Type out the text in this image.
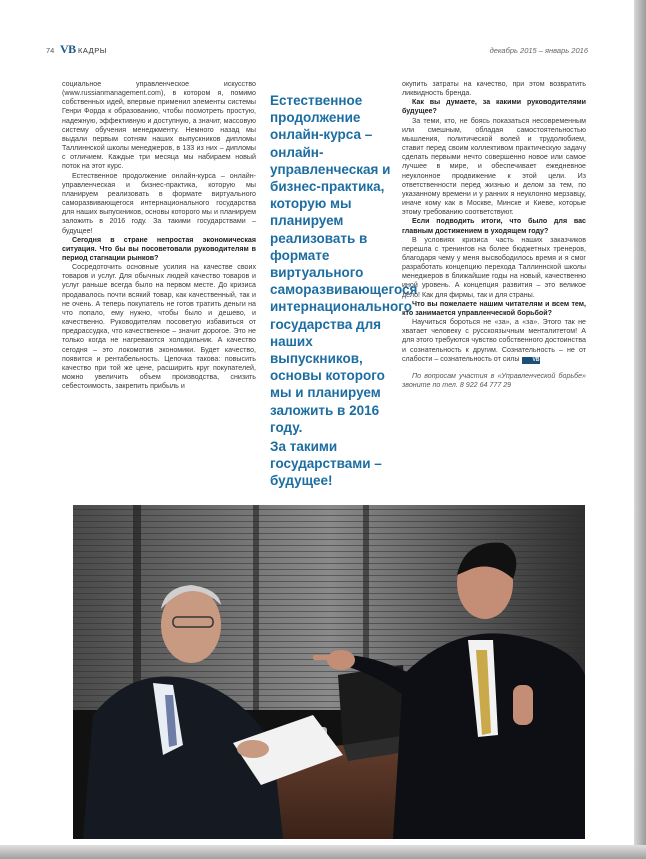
74 VB КАДРЫ	декабрь 2015 – январь 2016

социальное управленческое искусство (www.russianmanagement.com), в котором я, помимо собственных идей, впервые применил элементы системы Генри Форда к образованию, чтобы посмотреть простую, надежную, эффективную и доступную, а значит, массовую систему обучения менеджменту. Немного назад мы выдали первым сотням наших выпускников дипломы Таллиннской школы менеджеров, в 133 из них – дипломы с отличием. Каждые три месяца мы набираем новый поток на этот курс.

Естественное продолжение онлайн-курса – онлайн-управленческая и бизнес-практика, которую мы планируем реализовать в формате виртуального саморазвивающегося интернационального государства для наших выпускников, основы которого мы и планируем заложить в 2016 году. За такими государствами – будущее!

Сегодня в стране непростая экономическая ситуация. Что бы вы посоветовали руководителям в период стагнации рынков?

Сосредоточить основные усилия на качестве своих товаров и услуг. Для обычных людей качество товаров и услуг раньше всегда было на первом месте. До кризиса продавалось почти всякий товар, как качественный, так и не очень. А теперь покупатель не готов тратить деньги на что попало, ему нужно, чтобы было и дешево, и качественно. Руководителям посоветую избавиться от предрассудка, что качественное – значит дорогое. Это не только когда не нагреваются холодильник. А качество сегодня – это локомотив экономики. Будет качество, появится и рентабельность. Цепочка такова: повысить качество при той же цене, расширить круг покупателей, можно увеличить объем производства, снизить себестоимость, закрепить прибыль и

Естественное продолжение онлайн-курса – онлайн-управленческая и бизнес-практика, которую мы планируем реализовать в формате виртуального саморазвивающегося интернационального государства для наших выпускников, основы которого мы и планируем заложить в 2016 году.

За такими государствами – будущее!

окупить затраты на качество, при этом возвратить ликвидность бренда.

Как вы думаете, за какими руководителями будущее?

За теми, кто, не боясь показаться несовременным или смешным, обладая самостоятельностью мышления, политической волей и трудолюбием, ставит перед своим коллективом практическую задачу сделать первыми нечто совершенно новое или самое лучшее в мире, и обеспечивает ежедневное неуклонное продвижение к этой цели. Из ответственности перед жизнью и делом за тем, по указанному времени и у ранних я неуклонно мерзавцу, иначе кому как в Москве, Минске и Киеве, которые этому требованию соответствуют.

Если подводить итоги, что было для вас главным достижением в уходящем году?

В условиях кризиса часть наших заказчиков перешла с тренингов на более бюджетных тренеров, благодаря чему у меня высвободилось время и я смог разработать концепцию перехода Таллиннской школы менеджеров в ближайшие годы на новый, качественно иной уровень. А концепция развития – это великое дело! Как для фирмы, так и для страны.

Что вы пожелаете нашим читателям и всем тем, кто занимается управленческой борьбой?

Научиться бороться не «за», а «за». Этого так не хватает человеку с русскоязычным менталитетом! А для этого требуются чувство собственного достоинства и сознательность к другим. Сознательность – не от слабости – сознательность от силы	VB

По вопросам участия в «Управленческой борьбе» звоните по тел. 8 922 64 777 29
